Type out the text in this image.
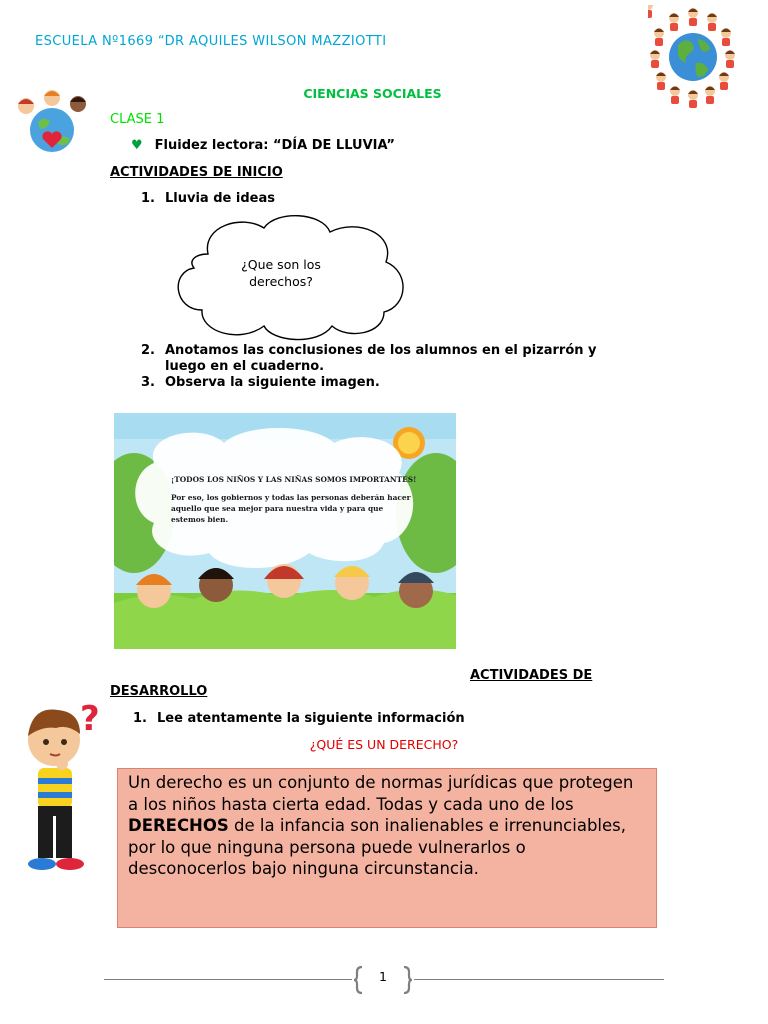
ESCUELA Nº1669 “DR AQUILES WILSON MAZZIOTTI
CIENCIAS SOCIALES
CLASE 1
♥ Fluidez lectora: “DÍA DE LLUVIA”
ACTIVIDADES DE INICIO
1. Lluvia de ideas
¿Que son los
derechos?
2. Anotamos las conclusiones de los alumnos en el pizarrón y
luego en el cuaderno.
3. Observa la siguiente imagen.
¡TODOS LOS NIÑOS Y LAS NIÑAS SOMOS IMPORTANTES!
Por eso, los gobiernos y todas las personas deberán hacer
aquello que sea mejor para nuestra vida y para que
estemos bien.
ACTIVIDADES DE
DESARROLLO
?	1. Lee atentamente la siguiente información
¿QUÉ ES UN DERECHO?
Un derecho es un conjunto de normas jurídicas que protegen a los niños hasta cierta edad. Todas y cada uno de los DERECHOS de la infancia son inalienables e irrenunciables, por lo que ninguna persona puede vulnerarlos o desconocerlos bajo ninguna circunstancia.
1
